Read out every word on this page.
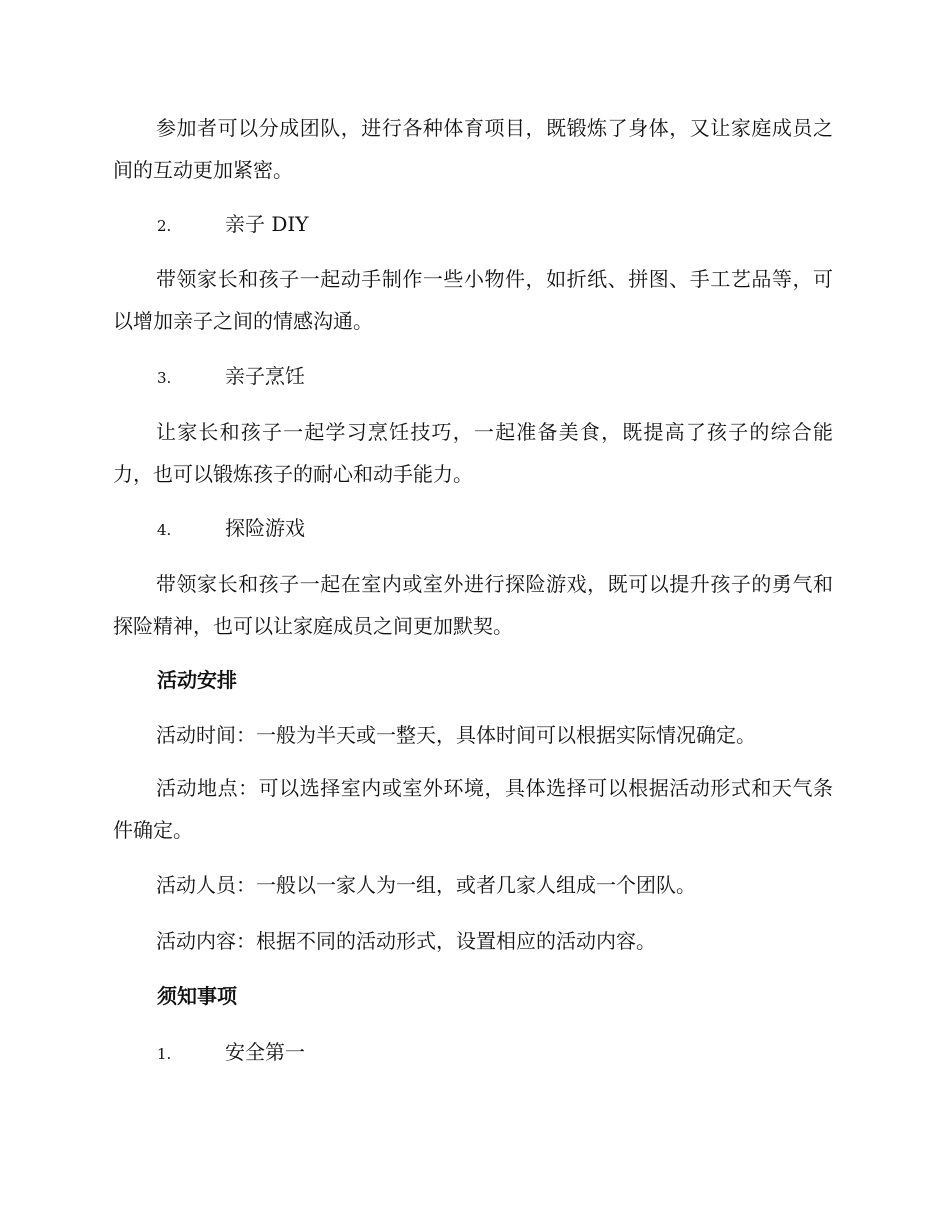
参加者可以分成团队，进行各种体育项目，既锻炼了身体，又让家庭成员之间的互动更加紧密。

2.	亲子 DIY

带领家长和孩子一起动手制作一些小物件，如折纸、拼图、手工艺品等，可以增加亲子之间的情感沟通。

3.	亲子烹饪

让家长和孩子一起学习烹饪技巧，一起准备美食，既提高了孩子的综合能力，也可以锻炼孩子的耐心和动手能力。

4.	探险游戏

带领家长和孩子一起在室内或室外进行探险游戏，既可以提升孩子的勇气和探险精神，也可以让家庭成员之间更加默契。

活动安排

活动时间：一般为半天或一整天，具体时间可以根据实际情况确定。

活动地点：可以选择室内或室外环境，具体选择可以根据活动形式和天气条件确定。

活动人员：一般以一家人为一组，或者几家人组成一个团队。

活动内容：根据不同的活动形式，设置相应的活动内容。

须知事项
1.	安全第一
